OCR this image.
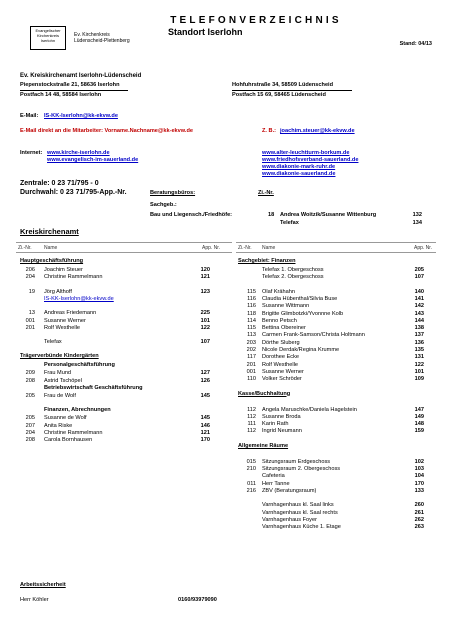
Evangelischer
Kirchenkreis
Iserlohn
Ev. Kirchenkreis
Lüdenscheid-Plettenberg
TELEFONVERZEICHNIS
Standort Iserlohn
Stand: 04/13
Ev. Kreiskirchenamt Iserlohn-Lüdenscheid
Piepenstockstraße 21, 58636 Iserlohn
Postfach 14 48, 58584 Iserlohn
Hohfuhrstraße 34, 58509 Lüdenscheid
Postfach 15 69, 58465 Lüdenscheid
E-Mail: IS-KK-Iserlohn@kk-ekvw.de
E-Mail direkt an die Mitarbeiter: Vorname.Nachname@kk-ekvw.de	Z. B.: joachim.steuer@kk-ekvw.de
Internet: www.kirche-iserlohn.de
www.evangelisch-im-sauerland.de
www.alter-leuchtturm-borkum.de
www.friedhofsverband-sauerland.de
www.diakonie-mark-ruhr.de
www.diakonie-sauerland.de
Zentrale: 0 23 71/795 - 0
Durchwahl: 0 23 71/795-App.-Nr.	Beratungsbüros:	Zi.-Nr.
Sachgeb.:
Bau und Liegensch./Friedhöfe:	18 Andrea Woitzik/Susanne Wittenburg	132
Telefax	134
Kreiskirchenamt
Zi.-Nr. Name	App. Nr.	Zi.-Nr. Name	App. Nr.
Hauptgeschäftsführung
206 Joachim Steuer	120
204 Christine Rammelmann	121
19 Jörg Althoff	123
IS-KK-Iserlohn@kk-ekvw.de
13 Andreas Friedemann	225
001 Susanne Werner	101
201 Rolf Westhelle	122
Telefax	107
Trägerverbünde Kindergärten
Personalgeschäftsführung
209 Frau Mund	127
208 Astrid Tschöpel	126
Betriebswirtschaft Geschäftsführung
205 Frau de Wolf	145
Finanzen, Abrechnungen
205 Susanne de Wolf	145
207 Anita Riske	146
204 Christine Rammelmann	121
208 Carola Bornhausen	170
Sachgebiet: Finanzen
Telefax 1. Obergeschoss	205
Telefax 2. Obergeschoss	107
115 Olaf Krähahn	140
116 Claudia Hübenthal/Silvia Buse	141
116 Susanne Wittmann	142
118 Brigitte Glimbotzki/Yvonnne Kolb	143
114 Benno Petsch	144
115 Bettina Obereiner	138
113 Carmen Frank-Samson/Christa Holtmann	137
203 Dörthe Sluberg	136
202 Nicole Derdak/Regina Krumme	135
117 Dorothee Ecke	131
201 Rolf Westhelle	122
001 Susanne Werner	101
110 Volker Schröder	109
Kasse/Buchhaltung
112 Angela Maruschke/Daniela Hagelstein	147
112 Susanne Broda	149
111 Karin Rath	148
112 Ingrid Neumann	159
Allgemeine Räume
015 Sitzungsraum Erdgeschoss	102
210 Sitzungsraum 2. Obergeschoss	103
Cafeteria	104
011 Herr Tanne	170
216 ZBV (Beratungsraum)	133
Varnhagenhaus kl. Saal links	260
Varnhagenhaus kl. Saal rechts	261
Varnhagenhaus Foyer	262
Varnhagenhaus Küche 1. Etage	263
Arbeitssicherheit
Herr Köhler	0160/93979090
